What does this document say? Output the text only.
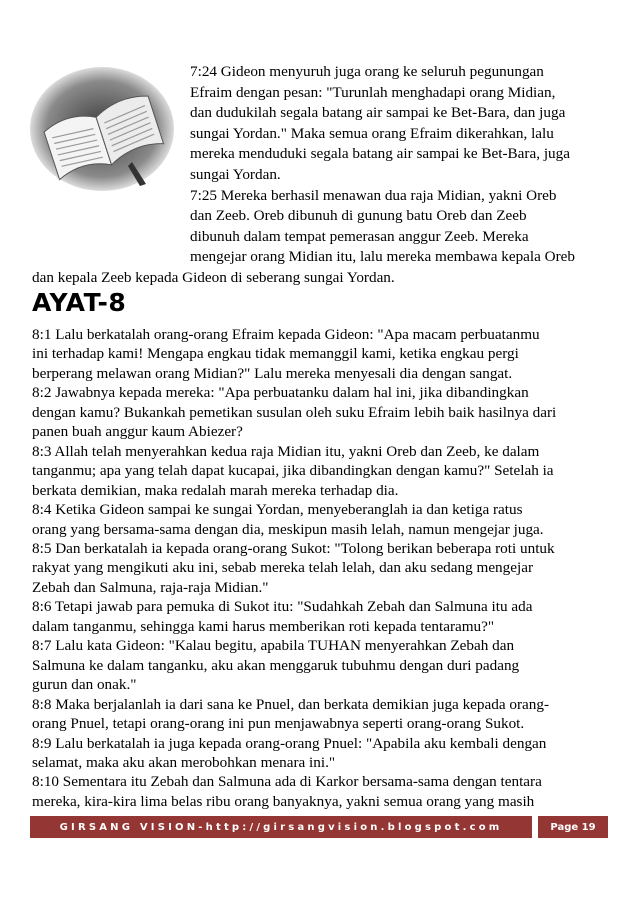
7:24 Gideon menyuruh juga orang ke seluruh pegunungan
Efraim dengan pesan: "Turunlah menghadapi orang Midian,
dan dudukilah segala batang air sampai ke Bet-Bara, dan juga
sungai Yordan." Maka semua orang Efraim dikerahkan, lalu
mereka menduduki segala batang air sampai ke Bet-Bara, juga
sungai Yordan.
7:25 Mereka berhasil menawan dua raja Midian, yakni Oreb
dan Zeeb. Oreb dibunuh di gunung batu Oreb dan Zeeb
dibunuh dalam tempat pemerasan anggur Zeeb. Mereka
mengejar orang Midian itu, lalu mereka membawa kepala Oreb
dan kepala Zeeb kepada Gideon di seberang sungai Yordan.
AYAT-8
8:1 Lalu berkatalah orang-orang Efraim kepada Gideon: "Apa macam perbuatanmu
ini terhadap kami! Mengapa engkau tidak memanggil kami, ketika engkau pergi
berperang melawan orang Midian?" Lalu mereka menyesali dia dengan sangat.
8:2 Jawabnya kepada mereka: "Apa perbuatanku dalam hal ini, jika dibandingkan
dengan kamu? Bukankah pemetikan susulan oleh suku Efraim lebih baik hasilnya dari
panen buah anggur kaum Abiezer?
8:3 Allah telah menyerahkan kedua raja Midian itu, yakni Oreb dan Zeeb, ke dalam
tanganmu; apa yang telah dapat kucapai, jika dibandingkan dengan kamu?" Setelah ia
berkata demikian, maka redalah marah mereka terhadap dia.
8:4 Ketika Gideon sampai ke sungai Yordan, menyeberanglah ia dan ketiga ratus
orang yang bersama-sama dengan dia, meskipun masih lelah, namun mengejar juga.
8:5 Dan berkatalah ia kepada orang-orang Sukot: "Tolong berikan beberapa roti untuk
rakyat yang mengikuti aku ini, sebab mereka telah lelah, dan aku sedang mengejar
Zebah dan Salmuna, raja-raja Midian."
8:6 Tetapi jawab para pemuka di Sukot itu: "Sudahkah Zebah dan Salmuna itu ada
dalam tanganmu, sehingga kami harus memberikan roti kepada tentaramu?"
8:7 Lalu kata Gideon: "Kalau begitu, apabila TUHAN menyerahkan Zebah dan
Salmuna ke dalam tanganku, aku akan menggaruk tubuhmu dengan duri padang
gurun dan onak."
8:8 Maka berjalanlah ia dari sana ke Pnuel, dan berkata demikian juga kepada orang-
orang Pnuel, tetapi orang-orang ini pun menjawabnya seperti orang-orang Sukot.
8:9 Lalu berkatalah ia juga kepada orang-orang Pnuel: "Apabila aku kembali dengan
selamat, maka aku akan merobohkan menara ini."
8:10 Sementara itu Zebah dan Salmuna ada di Karkor bersama-sama dengan tentara
mereka, kira-kira lima belas ribu orang banyaknya, yakni semua orang yang masih
GIRSANG VISION-http://girsangvision.blogspot.com	Page 19
